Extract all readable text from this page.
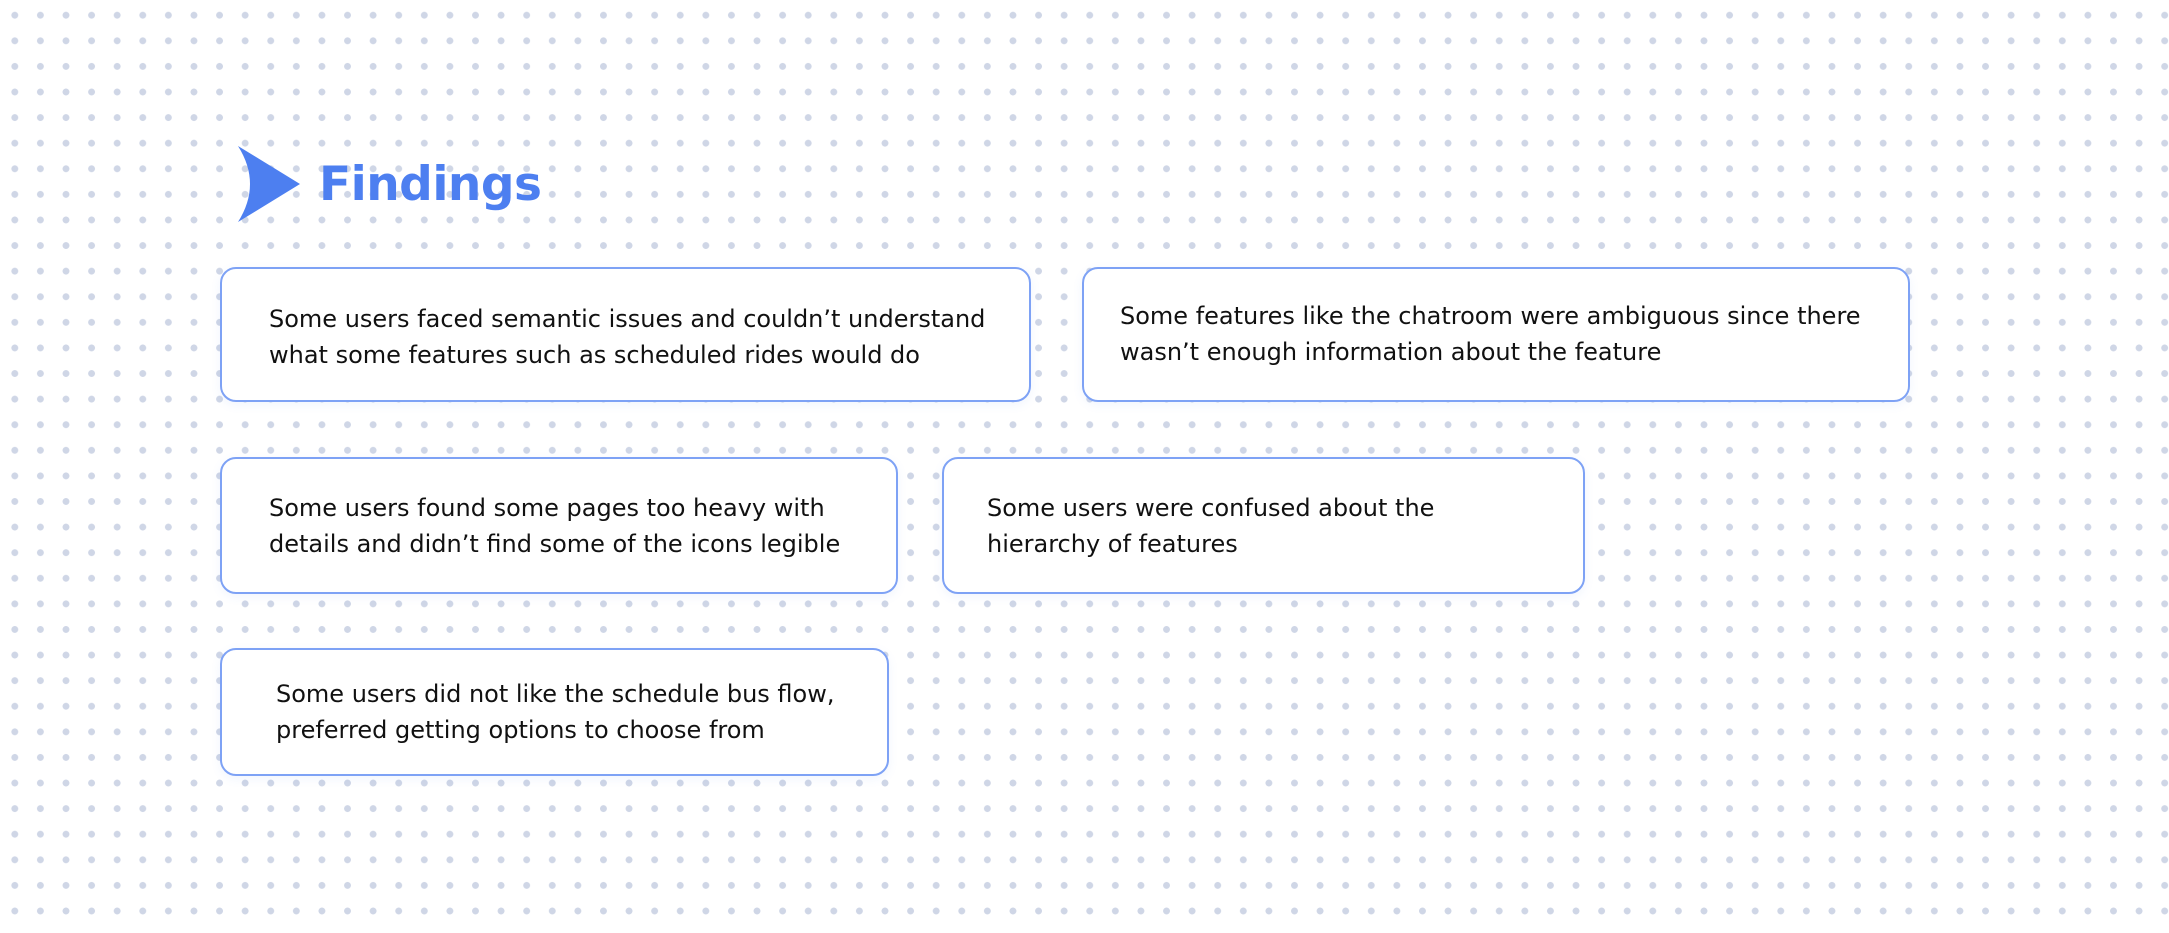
Findings

Some users faced semantic issues and couldn’t understand
what some features such as scheduled rides would do

Some features like the chatroom were ambiguous since there
wasn’t enough information about the feature

Some users found some pages too heavy with
details and didn’t find some of the icons legible

Some users were confused about the
hierarchy of features

Some users did not like the schedule bus flow,
preferred getting options to choose from
